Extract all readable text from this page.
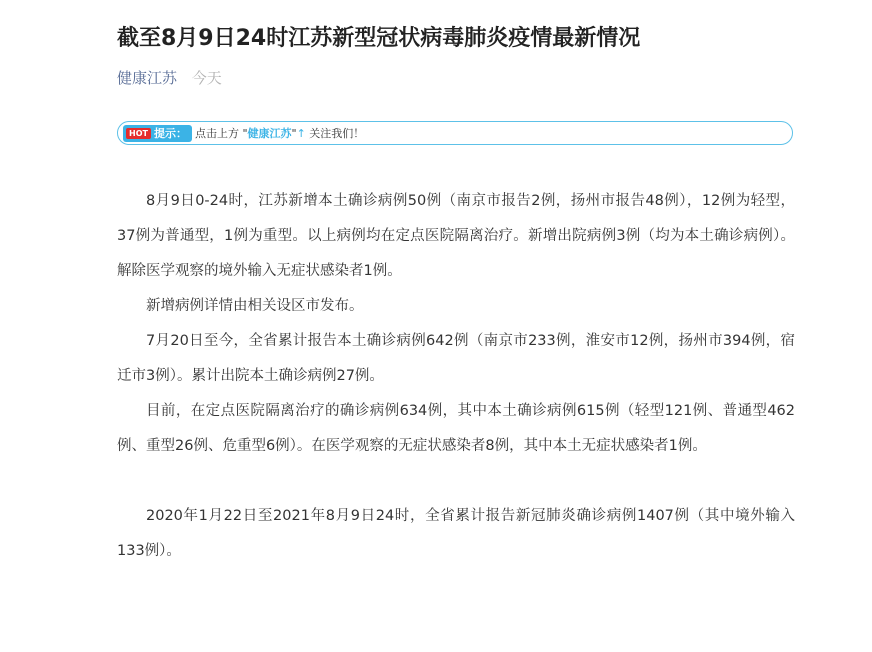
截至8月9日24时江苏新型冠状病毒肺炎疫情最新情况
健康江苏 今天
HOT 提示： 点击上方 "健康江苏"↑ 关注我们！

8月9日0-24时，江苏新增本土确诊病例50例（南京市报告2例，扬州市报告48例），12例为轻型，37例为普通型，1例为重型。以上病例均在定点医院隔离治疗。新增出院病例3例（均为本土确诊病例）。解除医学观察的境外输入无症状感染者1例。

新增病例详情由相关设区市发布。

7月20日至今，全省累计报告本土确诊病例642例（南京市233例，淮安市12例，扬州市394例，宿迁市3例）。累计出院本土确诊病例27例。

目前，在定点医院隔离治疗的确诊病例634例，其中本土确诊病例615例（轻型121例、普通型462例、重型26例、危重型6例）。在医学观察的无症状感染者8例，其中本土无症状感染者1例。

2020年1月22日至2021年8月9日24时，全省累计报告新冠肺炎确诊病例1407例（其中境外输入133例）。
